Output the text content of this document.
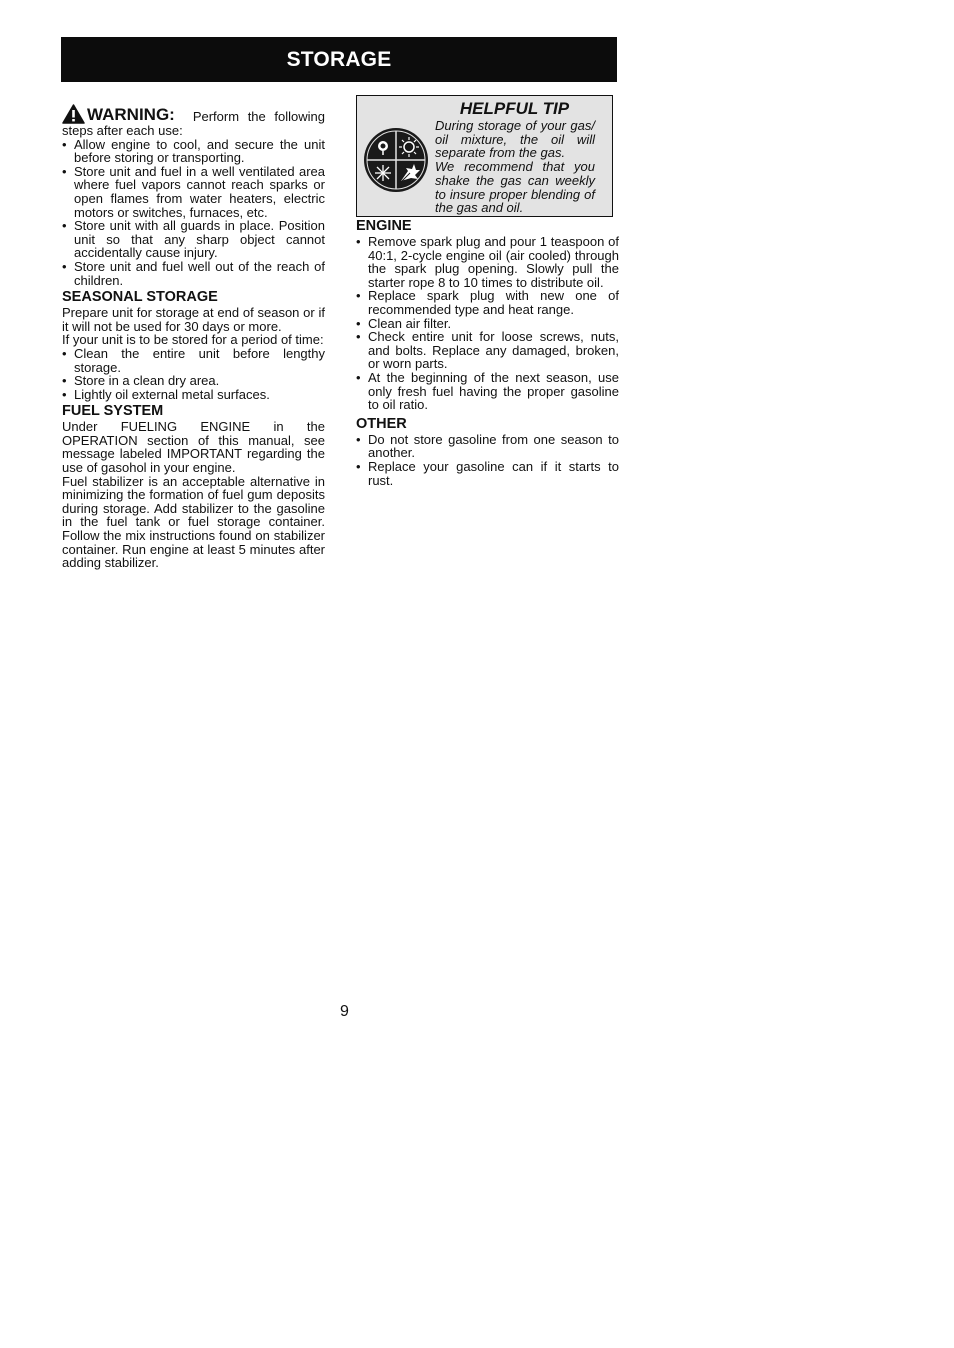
STORAGE
WARNING: Perform the following

steps after each use:

• Allow engine to cool, and secure the unit before storing or transporting.
• Store unit and fuel in a well ventilated area where fuel vapors cannot reach sparks or open flames from water heaters, electric motors or switches, furnaces, etc.
• Store unit with all guards in place. Position unit so that any sharp object cannot accidentally cause injury.
• Store unit and fuel well out of the reach of children.
SEASONAL STORAGE

Prepare unit for storage at end of season or if it will not be used for 30 days or more.

If your unit is to be stored for a period of time:

• Clean the entire unit before lengthy storage.
• Store in a clean dry area.
• Lightly oil external metal surfaces.
FUEL SYSTEM

Under FUELING ENGINE in the OPERATION section of this manual, see message labeled IMPORTANT regarding the use of gasohol in your engine.

Fuel stabilizer is an acceptable alternative in minimizing the formation of fuel gum deposits during storage. Add stabilizer to the gasoline in the fuel tank or fuel storage container. Follow the mix instructions found on stabilizer container. Run engine at least 5 minutes after adding stabilizer.

HELPFUL TIP
During storage of your gas/ oil mixture, the oil will separate from the gas.
We recommend that you shake the gas can weekly to insure proper blending of the gas and oil.
ENGINE
• Remove spark plug and pour 1 teaspoon of 40:1, 2-cycle engine oil (air cooled) through the spark plug opening. Slowly pull the starter rope 8 to 10 times to distribute oil.
• Replace spark plug with new one of recommended type and heat range.
• Clean air filter.
• Check entire unit for loose screws, nuts, and bolts. Replace any damaged, broken, or worn parts.
• At the beginning of the next season, use only fresh fuel having the proper gasoline to oil ratio.
OTHER
• Do not store gasoline from one season to another.
• Replace your gasoline can if it starts to rust.
9
